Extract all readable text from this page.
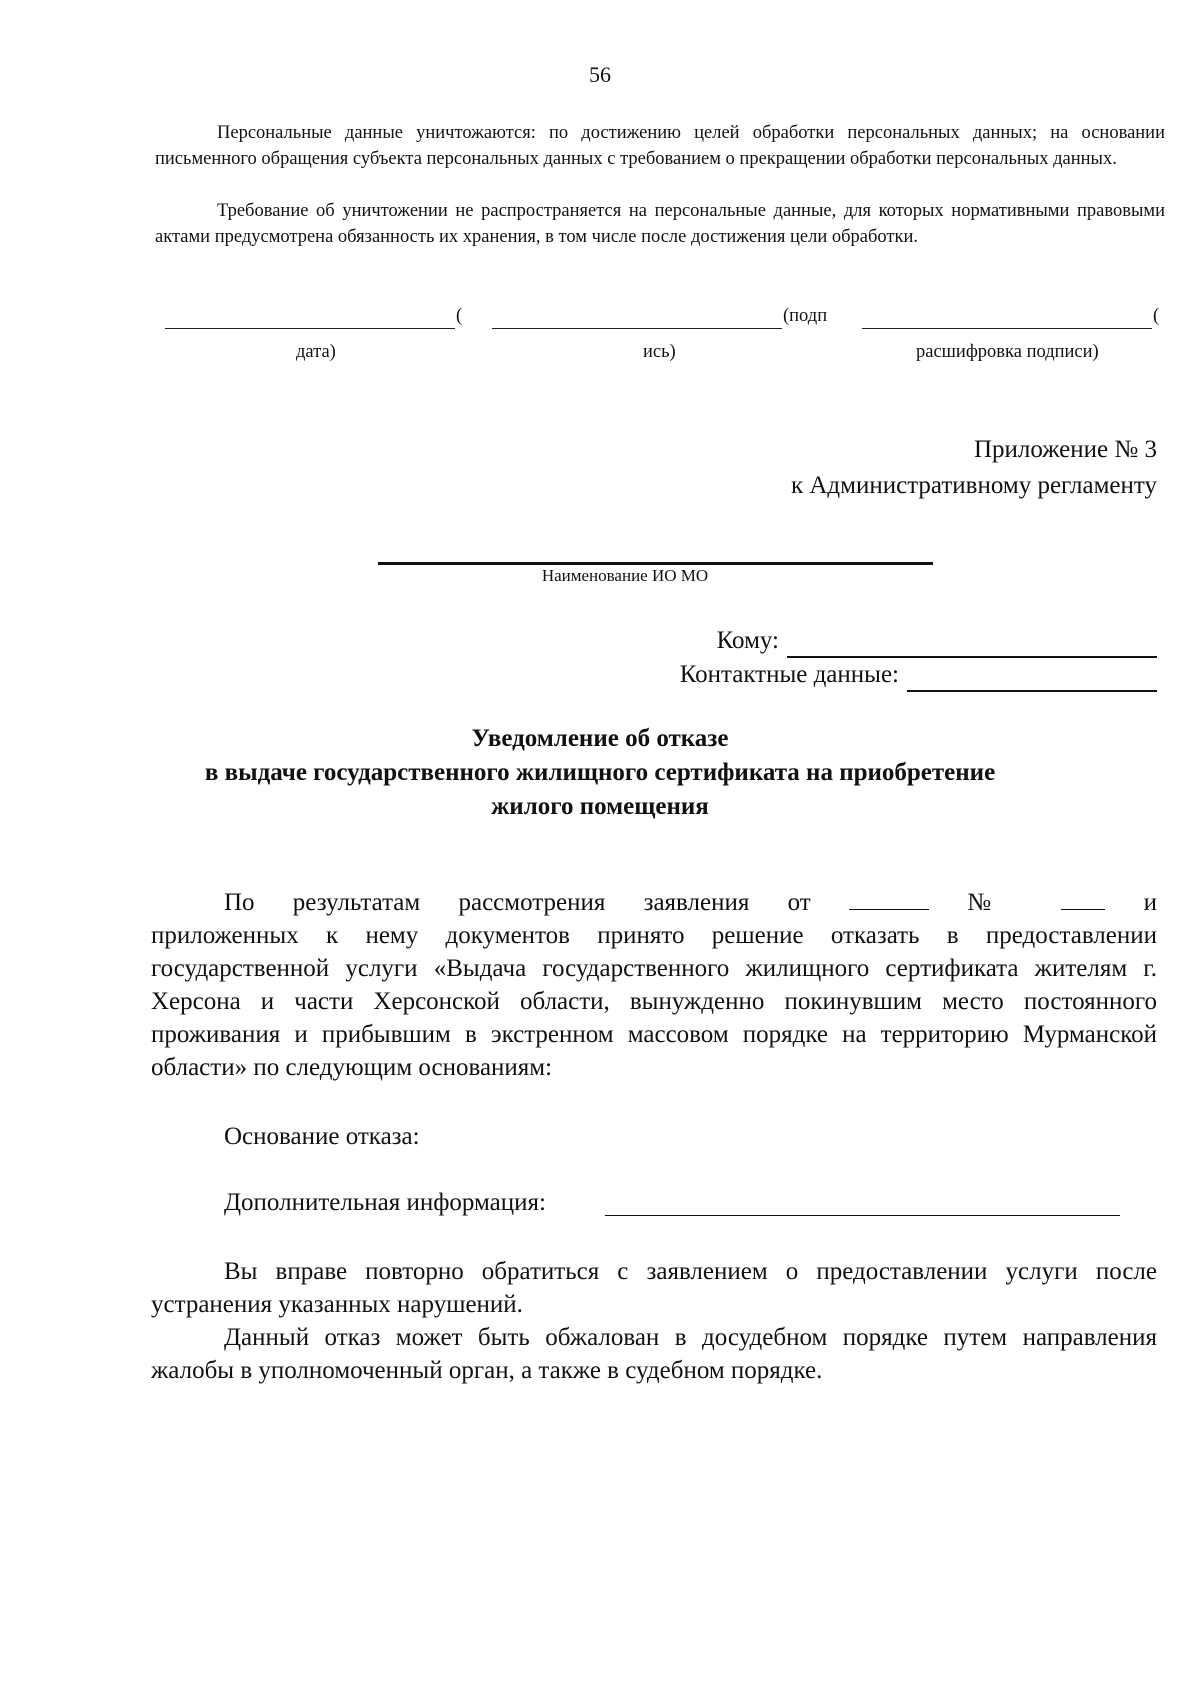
56

Персональные данные уничтожаются: по достижению целей обработки персональных данных; на основании письменного обращения субъекта персональных данных с требованием о прекращении обработки персональных данных.

Требование об уничтожении не распространяется на персональные данные, для которых нормативными правовыми актами предусмотрена обязанность их хранения, в том числе после достижения цели обработки.

(	(подп	(
дата)	ись)	расшифровка подписи)
Приложение № 3
к Административному регламенту
Наименование ИО МО
Кому:
Контактные данные:
Уведомление об отказе
в выдаче государственного жилищного сертификата на приобретение
жилого помещения

По результатам рассмотрения заявления от	№	и

приложенных к нему документов принято решение отказать в предоставлении государственной услуги «Выдача государственного жилищного сертификата жителям г. Херсона и части Херсонской области, вынужденно покинувшим место постоянного проживания и прибывшим в экстренном массовом порядке на территорию Мурманской области» по следующим основаниям:
Основание отказа:
Дополнительная информация:

Вы вправе повторно обратиться с заявлением о предоставлении услуги после устранения указанных нарушений.

Данный отказ может быть обжалован в досудебном порядке путем направления жалобы в уполномоченный орган, а также в судебном порядке.
